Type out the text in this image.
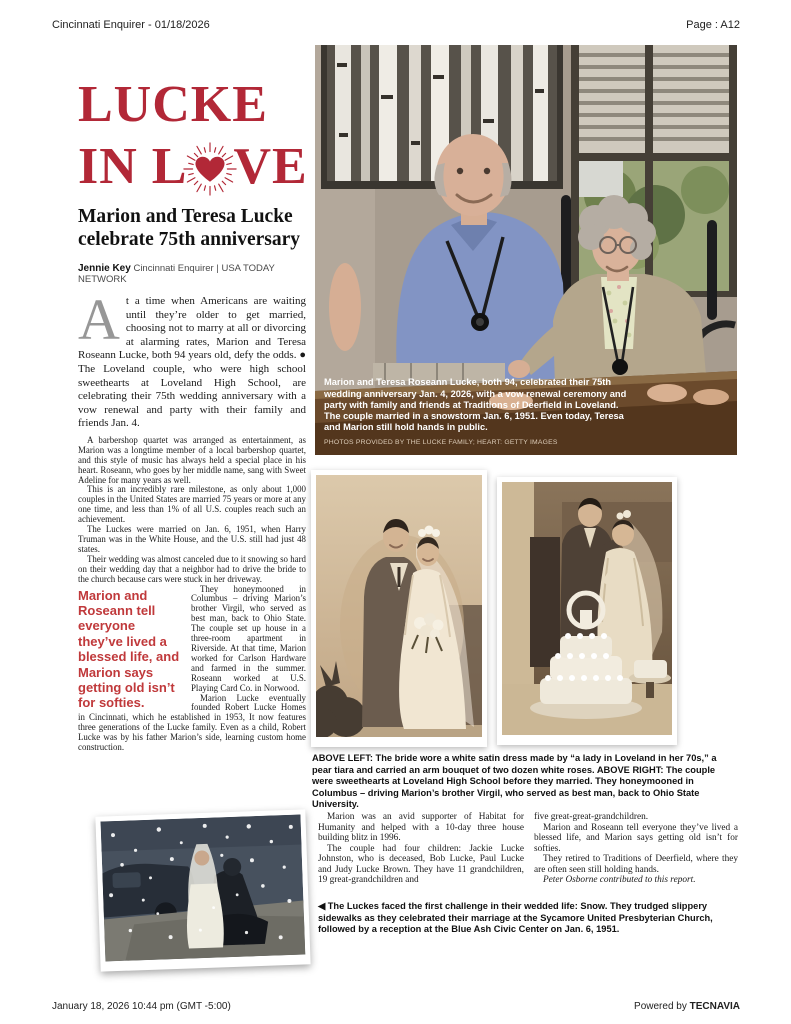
Cincinnati Enquirer - 01/18/2026	Page : A12
LUCKE
IN L VE
Marion and Teresa Lucke
celebrate 75th anniversary
Jennie Key Cincinnati Enquirer | USA TODAY NETWORK
At a time when Americans are waiting until they’re older to get married, choosing not to marry at all or divorcing at alarming rates, Marion and Teresa Roseann Lucke, both 94 years old, defy the odds. ● The Loveland couple, who were high school sweethearts at Loveland High School, are celebrating their 75th wedding anniversary with a vow renewal and party with their family and friends Jan. 4.

A barbershop quartet was arranged as entertainment, as Marion was a longtime member of a local barbershop quartet, and this style of music has always held a special place in his heart. Roseann, who goes by her middle name, sang with Sweet Adeline for many years as well.

This is an incredibly rare milestone, as only about 1,000 couples in the United States are married 75 years or more at any one time, and less than 1% of all U.S. couples reach such an achievement.

The Luckes were married on Jan. 6, 1951, when Harry Truman was in the White House, and the U.S. still had just 48 states.

Their wedding was almost canceled due to it snowing so hard on their wedding day that a neighbor had to drive the bride to the church because cars were stuck in her driveway.

Marion and Roseann tell everyone they’ve lived a blessed life, and Marion says getting old isn’t for softies.

They honeymooned in Columbus – driving Marion’s brother Virgil, who served as best man, back to Ohio State. The couple set up house in a three-room apartment in Riverside. At that time, Marion worked for Carlson Hardware and farmed in the summer. Roseann worked at U.S. Playing Card Co. in Norwood.

Marion Lucke eventually founded Robert Lucke Homes in Cincinnati, which he established in 1953, It now features three generations of the Lucke family. Even as a child, Robert Lucke was by his father Marion’s side, learning custom home construction.

Marion and Teresa Roseann Lucke, both 94, celebrated their 75th wedding anniversary Jan. 4, 2026, with a vow renewal ceremony and party with family and friends at Traditions of Deerfield in Loveland. The couple married in a snowstorm Jan. 6, 1951. Even today, Teresa and Marion still hold hands in public.
PHOTOS PROVIDED BY THE LUCKE FAMILY; HEART: GETTY IMAGES
ABOVE LEFT: The bride wore a white satin dress made by “a lady in Loveland in her 70s,” a pear tiara and carried an arm bouquet of two dozen white roses. ABOVE RIGHT: The couple were sweethearts at Loveland High School before they married. They honeymooned in Columbus – driving Marion’s brother Virgil, who served as best man, back to Ohio State University.

Marion was an avid supporter of Habitat for Humanity and helped with a 10-day three house building blitz in 1996.

The couple had four children: Jackie Lucke Johnston, who is deceased, Bob Lucke, Paul Lucke and Judy Lucke Brown. They have 11 grandchildren, 19 great-grandchildren and

five great-great-grandchildren.

Marion and Roseann tell everyone they’ve lived a blessed life, and Marion says getting old isn’t for softies.

They retired to Traditions of Deerfield, where they are often seen still holding hands.

Peter Osborne contributed to this report.

◀ The Luckes faced the first challenge in their wedded life: Snow. They trudged slippery sidewalks as they celebrated their marriage at the Sycamore United Presbyterian Church, followed by a reception at the Blue Ash Civic Center on Jan. 6, 1951.
January 18, 2026 10:44 pm (GMT -5:00)	Powered by TECNAVIA
